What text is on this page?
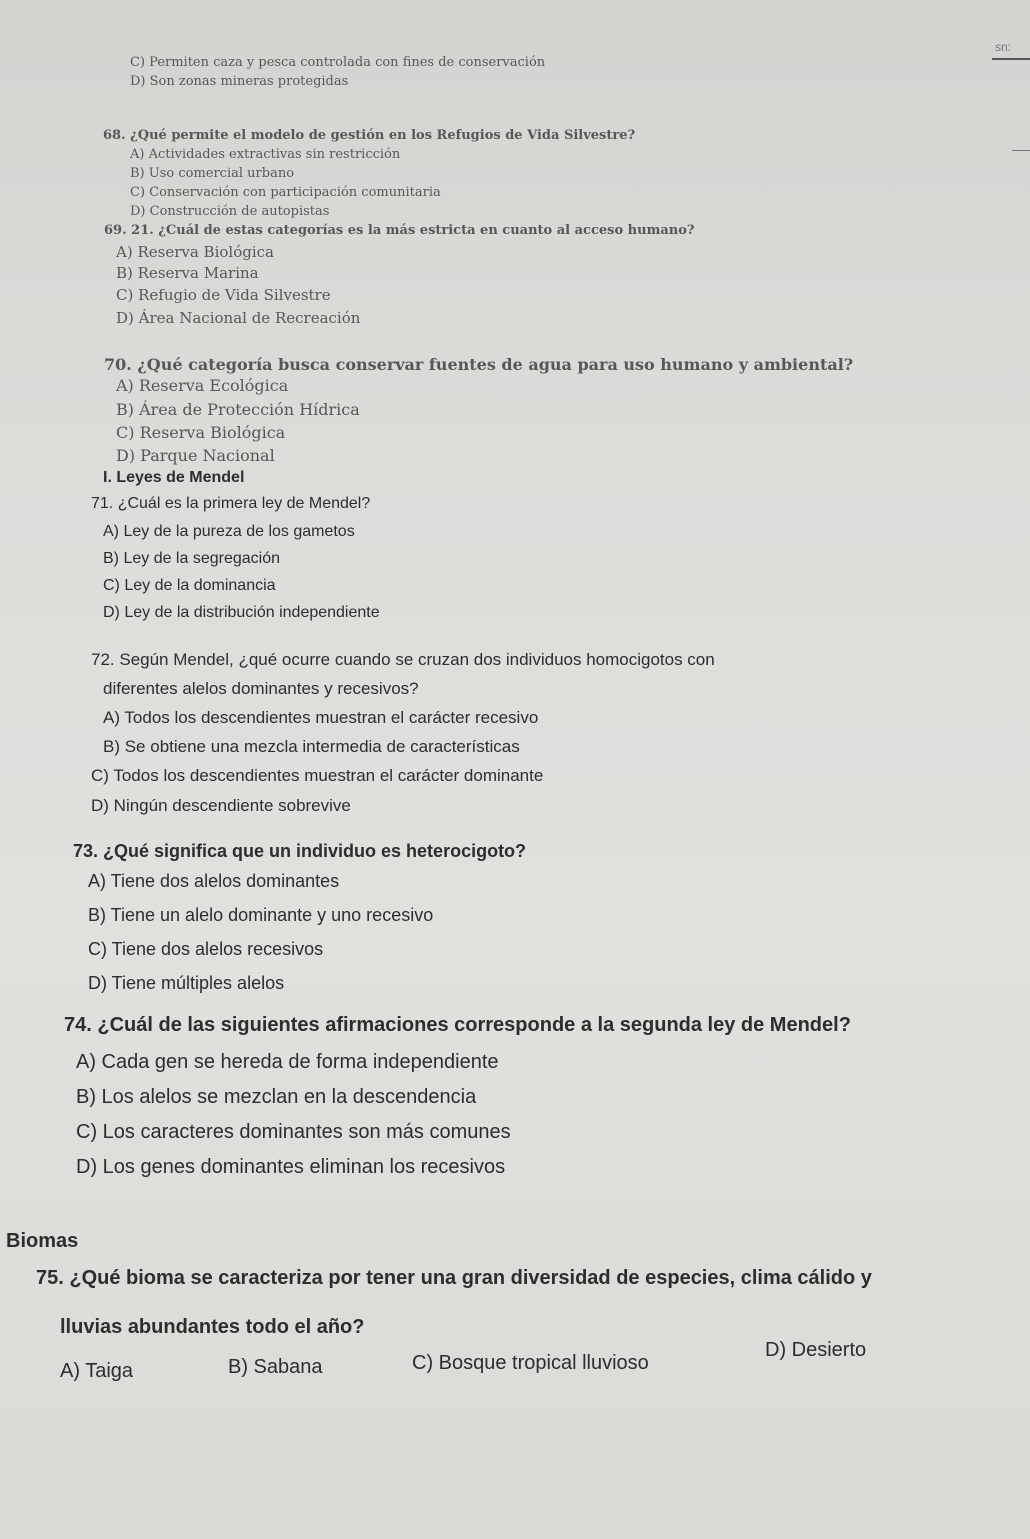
sn:
C) Permiten caza y pesca controlada con fines de conservación
D) Son zonas mineras protegidas
68. ¿Qué permite el modelo de gestión en los Refugios de Vida Silvestre?
A) Actividades extractivas sin restricción
B) Uso comercial urbano
C) Conservación con participación comunitaria
D) Construcción de autopistas
69. 21. ¿Cuál de estas categorías es la más estricta en cuanto al acceso humano?
A) Reserva Biológica
B) Reserva Marina
C) Refugio de Vida Silvestre
D) Área Nacional de Recreación
70. ¿Qué categoría busca conservar fuentes de agua para uso humano y ambiental?
A) Reserva Ecológica
B) Área de Protección Hídrica
C) Reserva Biológica
D) Parque Nacional
I. Leyes de Mendel
71. ¿Cuál es la primera ley de Mendel?
A) Ley de la pureza de los gametos
B) Ley de la segregación
C) Ley de la dominancia
D) Ley de la distribución independiente
72. Según Mendel, ¿qué ocurre cuando se cruzan dos individuos homocigotos con
diferentes alelos dominantes y recesivos?
A) Todos los descendientes muestran el carácter recesivo
B) Se obtiene una mezcla intermedia de características
C) Todos los descendientes muestran el carácter dominante
D) Ningún descendiente sobrevive
73. ¿Qué significa que un individuo es heterocigoto?
A) Tiene dos alelos dominantes
B) Tiene un alelo dominante y uno recesivo
C) Tiene dos alelos recesivos
D) Tiene múltiples alelos
74. ¿Cuál de las siguientes afirmaciones corresponde a la segunda ley de Mendel?
A) Cada gen se hereda de forma independiente
B) Los alelos se mezclan en la descendencia
C) Los caracteres dominantes son más comunes
D) Los genes dominantes eliminan los recesivos
Biomas
75. ¿Qué bioma se caracteriza por tener una gran diversidad de especies, clima cálido y
lluvias abundantes todo el año?
A) Taiga	B) Sabana	C) Bosque tropical lluvioso
D) Desierto
